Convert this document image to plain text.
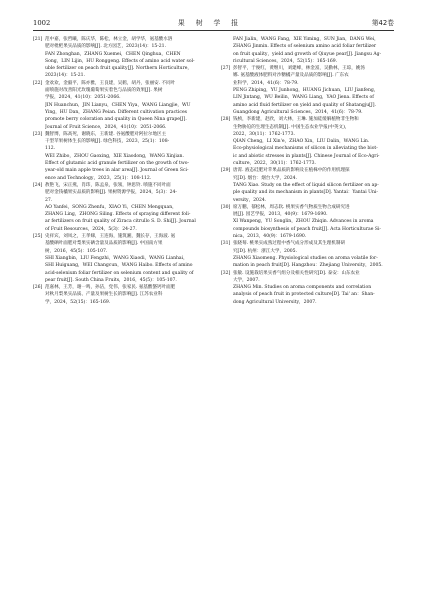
1002	果树学报	第42卷
[21] 范中嘉，张哲曦，陈庆华，陈松，林立金，胡学华，氨基酸水溶
肥对枇杷果实品质的影响[J]. 北方园艺，2023(14)：15-21.
FAN Zhonghan，ZHANG Xuemei，CHEN Qinghua，CHEN
Song，LIN Lijin，HU Ronggeng. Effects of amino acid water sol-
uble fertilizer on peach fruit quality[J]. Northern Horticulture，
2023(14)：15-21.
[22] 金欢欢，金毅平，陈亦雅，王良建，吴鹤，胡丹，张丽安. 不同叶
面喷施对改善阳光玫瑰葡萄果实着色与品质的效果[J]. 果树
学报，2024，41(10)：2051-2066.
JIN Huanchun，JIN Lianyu，CHEN Yiya，WANG Liangjie，WU
Ying，HU Dan，ZHANG Peian. Different cultivation practices
promote berry coloration and quality in Queen Nina grape[J].
Journal of Fruit Science，2024，41(10)：2051-2066.
[23] 魏智博，陈高死，谢晓东，王新建. 谷氨酸肥对阿拉尔地区主
干型苹果树体生长的影响[J]. 绿色科技，2023，25(1)：108-
112.
WEI Zhibo，ZHOU Gaoxing，XIE Xiaodong，WANG Xinjian.
Effect of glutamic acid granule fertilizer on the growth of two-
year-old main apple trees in alar area[J]. Journal of Green Sci-
ence and Technology，2023，25(1)：108-112.
[24] 敖艳飞，宋正燕，肖玮，陈孟泉，张领，钟思铃. 喷施不同叶面
肥对金钱橘果实品质的影响[J]. 果树资源学报，2024，5(3)：24-
27.
AO Yanfei，SONG Zhenfu，XIAO Yi，CHEN Mengquan，
ZHANG Ling，ZHONG Siling. Effects of spraying different foli-
ar fertilizers on fruit quality of Ziraca citrullo S. D. Shi[J]. Journal
of Fruit Resources，2024，5(3)：24-27.
[25] 史祥宾，刘凤之，王孝娣，王连海，施筑湘，魏长存，王海波. 氨
基酸硒叶面肥对梨果实硒含量及品质的影响[J]. 中国南方果
树，2016，45(5)：105-107.
SHI Xiangbin，LIU Fengzhi，WANG Xiaodi，WANG Lianhai，
SHI Huiguang，WEI Changcun，WANG Haibo. Effects of amino
acid-selenium foliar fertilizer on selenium content and quality of
pear fruit[J]. South China Fruits，2016，45(5)：105-107.
[26] 范嘉林，王芳，谢一鸣，孙洁，党伟，张家民. 氨基酸螯钙叶面肥
对秋月梨果实品质、产量及果树生长的影响[J]. 江苏农业科
学，2024，52(15)：165-169.
FAN Jialin，WANG Fang，XIE Yiming，SUN Jian，DANG Wei，
ZHANG Jinmin. Effects of selenium amino acid foliar fertilizer
on fruit quality，yield and growth of Qiuyue pear[J]. Jiangsu Ag-
ricultural Sciences，2024，52(15)：165-169.
[27] 彭智平，于俊红，黄继川，刘建峰，林金富，吴勤林，王琼，姚汤
娜. 氨基酸液体肥料对沙糖橘产量及品质的影响[J]. 广东农
业科学，2014，41(6)：78-79.
PENG Zhiping，YU Junhong，HUANG Jichuan，LIU Jianfeng，
LIN Jintang，WU Beilin，WANG Liang，YAO Jiena. Effects of
amino acid fluid fertilizer on yield and quality of Shatangju[J].
Guangdong Agricultural Sciences，2014，41(6)：78-79.
[28] 钱桢，李新建，赵欣，刘大林，王琳. 施加硅缓解植物非生物和
生物胁迫的生理生态机制[J]. 中国生态农业学报(中英文)，
2022，30(11)：1762-1773.
QIAN Cheng，LI Xin'e，ZHAO Xin，LIU Dalin，WANG Lin.
Eco-physiological mechanisms of silicon in alleviating the biot-
ic and abiotic stresses in plants[J]. Chinese Journal of Eco-Agri-
culture，2022，30(11)：1762-1773.
[29] 唐霄. 液态硅肥对苹果品质的影响及在植株中的作用机理探
究[D]. 烟台：烟台大学，2024.
TANG Xiao. Study on the effect of liquid silicon fertilizer on ap-
ple quality and its mechanism in plants[D]. Yantai：Yantai Uni-
versity，2024.
[30] 席万鹏，郁松林，周志软. 桃果实香气物质生物合成研究进
展[J]. 园艺学报，2013，40(9)：1679-1690.
XI Wanpeng，YU Songlin，ZHOU Zhiqin. Advances in aroma
compounds biosynthesis of peach fruit[J]. Acta Horticulturae Si-
nica，2013，40(9)：1679-1690.
[31] 张晓莓. 桃果实成熟过程中香气成分形成及其生理机制研
究[D]. 杭州：浙江大学，2005.
ZHANG Xiaomeng. Physiological studies on aroma volatile for-
mation in peach fruit[D]. Hangzhou：Zhejiang University，2005.
[32] 张敏. 设施栽培果实香气组分及相关性研究[D]. 泰安：山东农业
大学，2007.
ZHANG Min. Studies on aroma components and correlation
analysis of peach fruit in protected culture[D]. Tai' an：Shan-
dong Agricultural University，2007.
